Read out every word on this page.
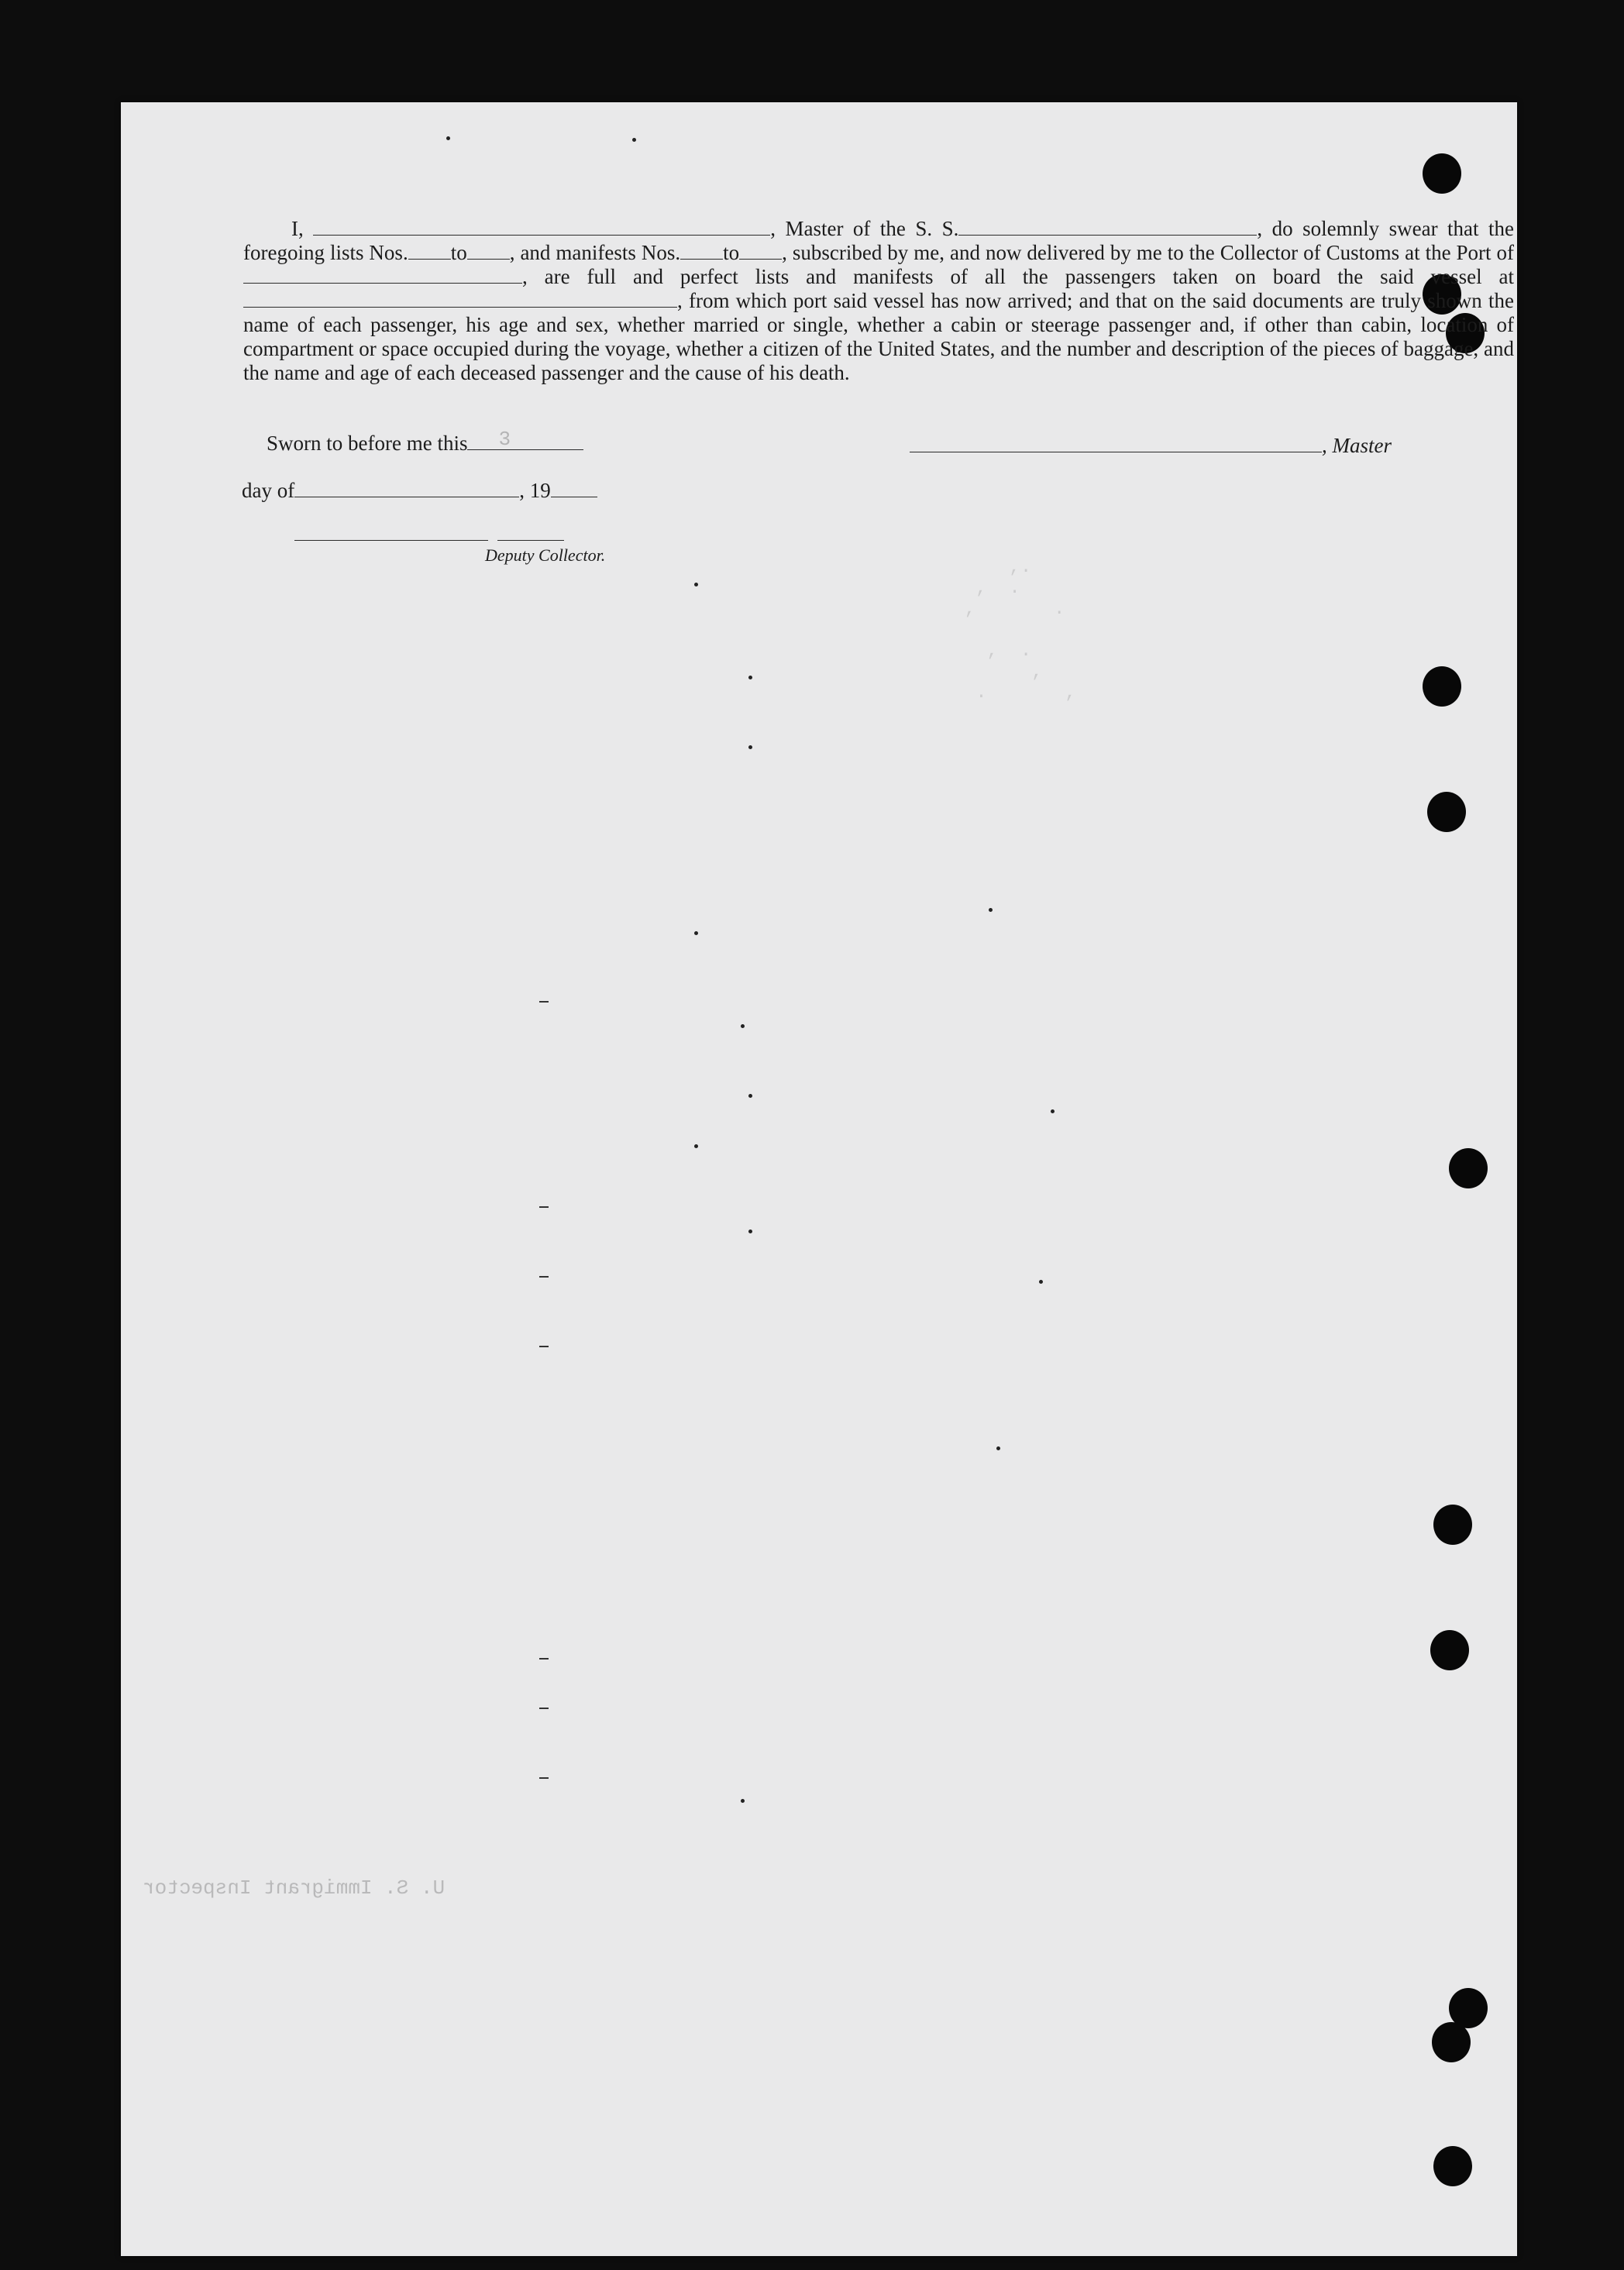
,.
,  .
,       .

,  .
,
.       ,

U. S. Immigrant Inspector

I,	, Master of the S. S.	, do solemnly swear that the foregoing lists Nos. to , and manifests Nos. to , subscribed by me, and now delivered by me to the Collector of Customs at the Port of, are full and perfect lists and manifests of all the passengers taken on board the said vessel at, from which port said vessel has now arrived; and that on the said documents are truly shown the name of each passenger, his age and sex, whether married or single, whether a cabin or steerage passenger and, if other than cabin, location of compartment or space occupied during the voyage, whether a citizen of the United States, and the number and description of the pieces of baggage, and the name and age of each deceased passenger and the cause of his death.

Sworn to before me this 3	, Master
day of	, 19
Deputy Collector.
